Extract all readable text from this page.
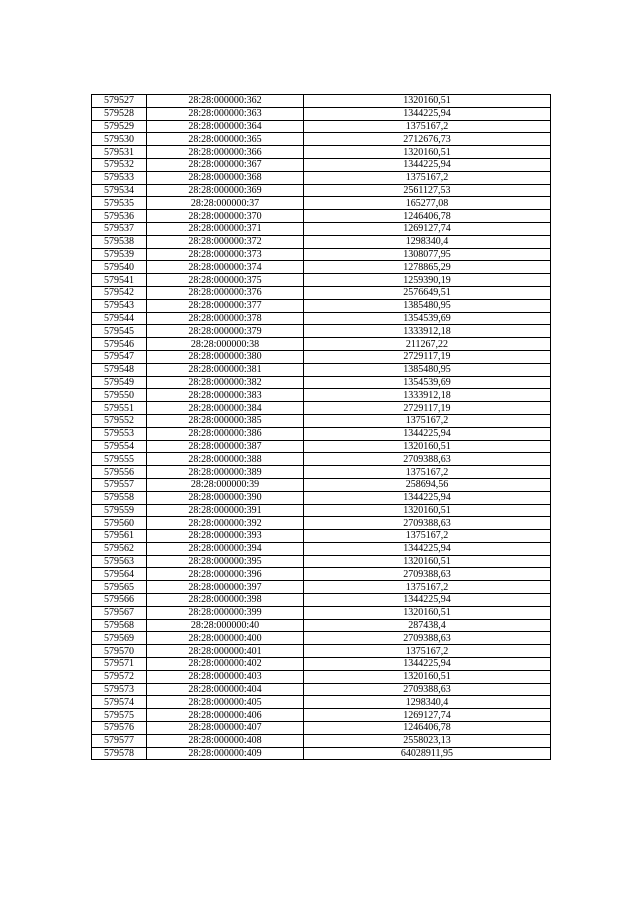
579527	28:28:000000:362	1320160,51
579528	28:28:000000:363	1344225,94
579529	28:28:000000:364	1375167,2
579530	28:28:000000:365	2712676,73
579531	28:28:000000:366	1320160,51
579532	28:28:000000:367	1344225,94
579533	28:28:000000:368	1375167,2
579534	28:28:000000:369	2561127,53
579535	28:28:000000:37	165277,08
579536	28:28:000000:370	1246406,78
579537	28:28:000000:371	1269127,74
579538	28:28:000000:372	1298340,4
579539	28:28:000000:373	1308077,95
579540	28:28:000000:374	1278865,29
579541	28:28:000000:375	1259390,19
579542	28:28:000000:376	2576649,51
579543	28:28:000000:377	1385480,95
579544	28:28:000000:378	1354539,69
579545	28:28:000000:379	1333912,18
579546	28:28:000000:38	211267,22
579547	28:28:000000:380	2729117,19
579548	28:28:000000:381	1385480,95
579549	28:28:000000:382	1354539,69
579550	28:28:000000:383	1333912,18
579551	28:28:000000:384	2729117,19
579552	28:28:000000:385	1375167,2
579553	28:28:000000:386	1344225,94
579554	28:28:000000:387	1320160,51
579555	28:28:000000:388	2709388,63
579556	28:28:000000:389	1375167,2
579557	28:28:000000:39	258694,56
579558	28:28:000000:390	1344225,94
579559	28:28:000000:391	1320160,51
579560	28:28:000000:392	2709388,63
579561	28:28:000000:393	1375167,2
579562	28:28:000000:394	1344225,94
579563	28:28:000000:395	1320160,51
579564	28:28:000000:396	2709388,63
579565	28:28:000000:397	1375167,2
579566	28:28:000000:398	1344225,94
579567	28:28:000000:399	1320160,51
579568	28:28:000000:40	287438,4
579569	28:28:000000:400	2709388,63
579570	28:28:000000:401	1375167,2
579571	28:28:000000:402	1344225,94
579572	28:28:000000:403	1320160,51
579573	28:28:000000:404	2709388,63
579574	28:28:000000:405	1298340,4
579575	28:28:000000:406	1269127,74
579576	28:28:000000:407	1246406,78
579577	28:28:000000:408	2558023,13
579578	28:28:000000:409	64028911,95
